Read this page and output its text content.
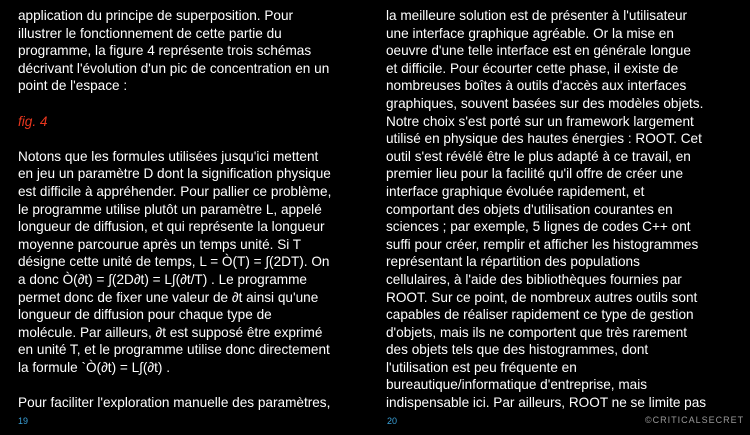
application du principe de superposition. Pour
illustrer le fonctionnement de cette partie du
programme, la figure 4 représente trois schémas
décrivant l'évolution d'un pic de concentration en un
point de l'espace :
fig. 4
Notons que les formules utilisées jusqu'ici mettent
en jeu un paramètre D dont la signification physique
est difficile à appréhender. Pour pallier ce problème,
le programme utilise plutôt un paramètre L, appelé
longueur de diffusion, et qui représente la longueur
moyenne parcourue après un temps unité. Si T
désigne cette unité de temps, L = Ò(T) = ∫(2DT). On
a donc Ò(∂t) = ∫(2D∂t) = L∫(∂t/T) . Le programme
permet donc de fixer une valeur de ∂t ainsi qu'une
longueur de diffusion pour chaque type de
molécule. Par ailleurs, ∂t est supposé être exprimé
en unité T, et le programme utilise donc directement
la formule `Ò(∂t) = L∫(∂t) .
Pour faciliter l'exploration manuelle des paramètres,
la meilleure solution est de présenter à l'utilisateur
une interface graphique agréable. Or la mise en
oeuvre d'une telle interface est en générale longue
et difficile. Pour écourter cette phase, il existe de
nombreuses boîtes à outils d'accès aux interfaces
graphiques, souvent basées sur des modèles objets.
Notre choix s'est porté sur un framework largement
utilisé en physique des hautes énergies : ROOT. Cet
outil s'est révélé être le plus adapté à ce travail, en
premier lieu pour la facilité qu'il offre de créer une
interface graphique évoluée rapidement, et
comportant des objets d'utilisation courantes en
sciences ; par exemple, 5 lignes de codes C++ ont
suffi pour créer, remplir et afficher les histogrammes
représentant la répartition des populations
cellulaires, à l'aide des bibliothèques fournies par
ROOT. Sur ce point, de nombreux autres outils sont
capables de réaliser rapidement ce type de gestion
d'objets, mais ils ne comportent que très rarement
des objets tels que des histogrammes, dont
l'utilisation est peu fréquente en
bureautique/informatique d'entreprise, mais
indispensable ici. Par ailleurs, ROOT ne se limite pas
19	20	©CRITICALSECRET
